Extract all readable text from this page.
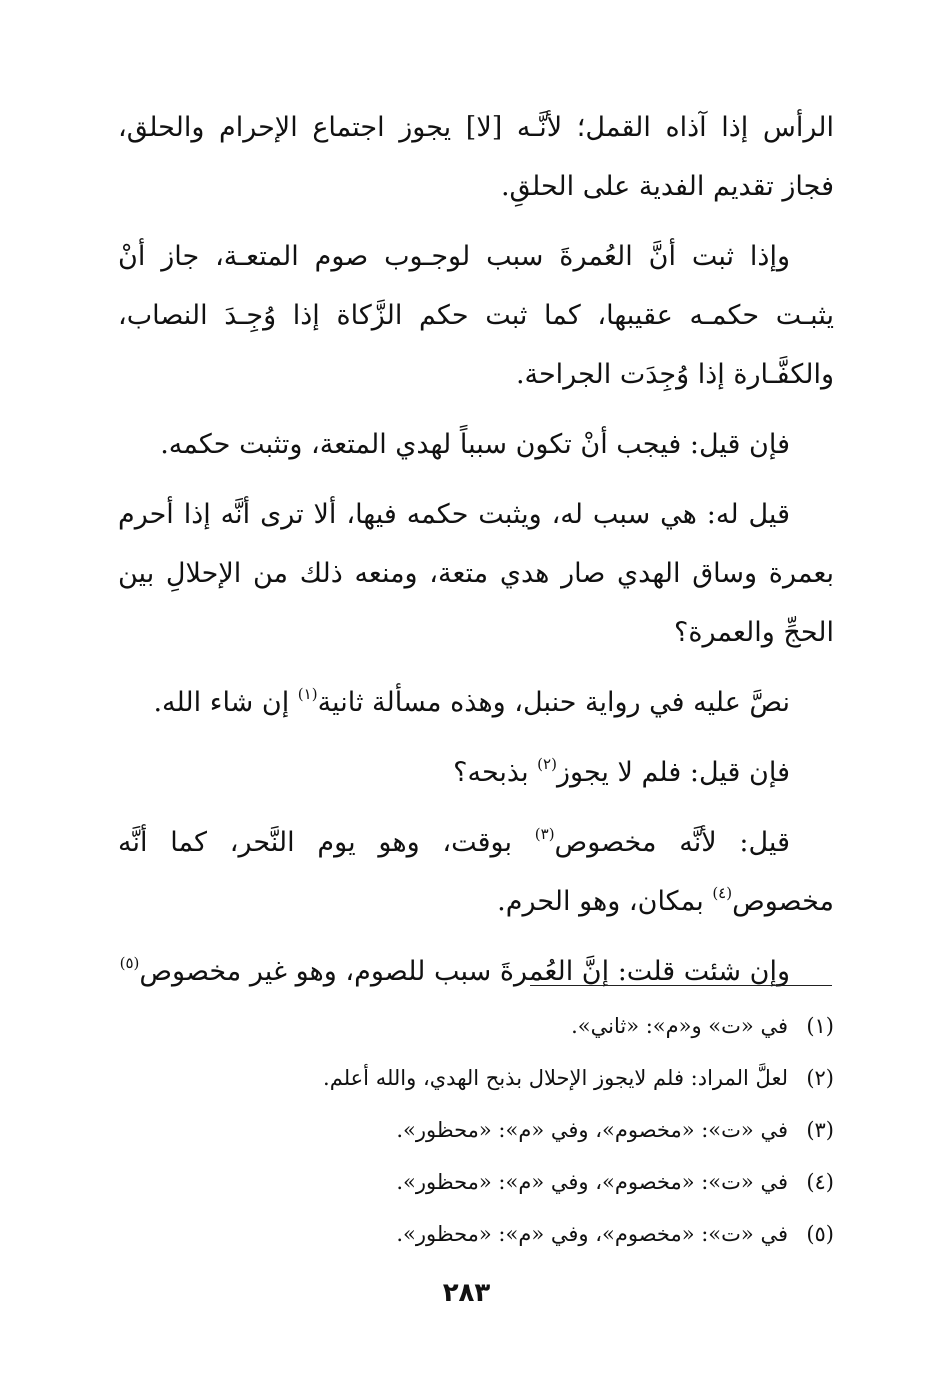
الرأس إذا آذاه القمل؛ لأنَّـه [لا] يجوز اجتماع الإحرام والحلق، فجاز تقديم الفدية على الحلقِ.

وإذا ثبت أنَّ العُمرةَ سبب لوجـوب صوم المتعـة، جاز أنْ يثبـت حكمـه عقيبها، كما ثبت حكم الزَّكاة إذا وُجِـدَ النصاب، والكفَّـارة إذا وُجِدَت الجراحة.

فإن قيل: فيجب أنْ تكون سبباً لهدي المتعة، وتثبت حكمه.

قيل له: هي سبب له، ويثبت حكمه فيها، ألا ترى أنَّه إذا أحرم بعمرة وساق الهدي صار هدي متعة، ومنعه ذلك من الإحلالِ بين الحجِّ والعمرة؟

نصَّ عليه في رواية حنبل، وهذه مسألة ثانية$^{(١)}$ إن شاء الله.

فإن قيل: فلم لا يجوز$^{(٢)}$ بذبحه؟

قيل: لأنَّه مخصوص$^{(٣)}$ بوقت، وهو يوم النَّحر، كما أنَّه مخصوص$^{(٤)}$ بمكان، وهو الحرم.

وإن شئت قلت: إنَّ العُمرةَ سبب للصوم، وهو غير مخصوص$^{(٥)}$

(١)
في «ت» و«م»: «ثاني».
(٢)
لعلَّ المراد: فلم لايجوز الإحلال بذبح الهدي، والله أعلم.
(٣)
في «ت»: «مخصوم»، وفي «م»: «محظور».
(٤)
في «ت»: «مخصوم»، وفي «م»: «محظور».
(٥)
في «ت»: «مخصوم»، وفي «م»: «محظور».
٢٨٣
